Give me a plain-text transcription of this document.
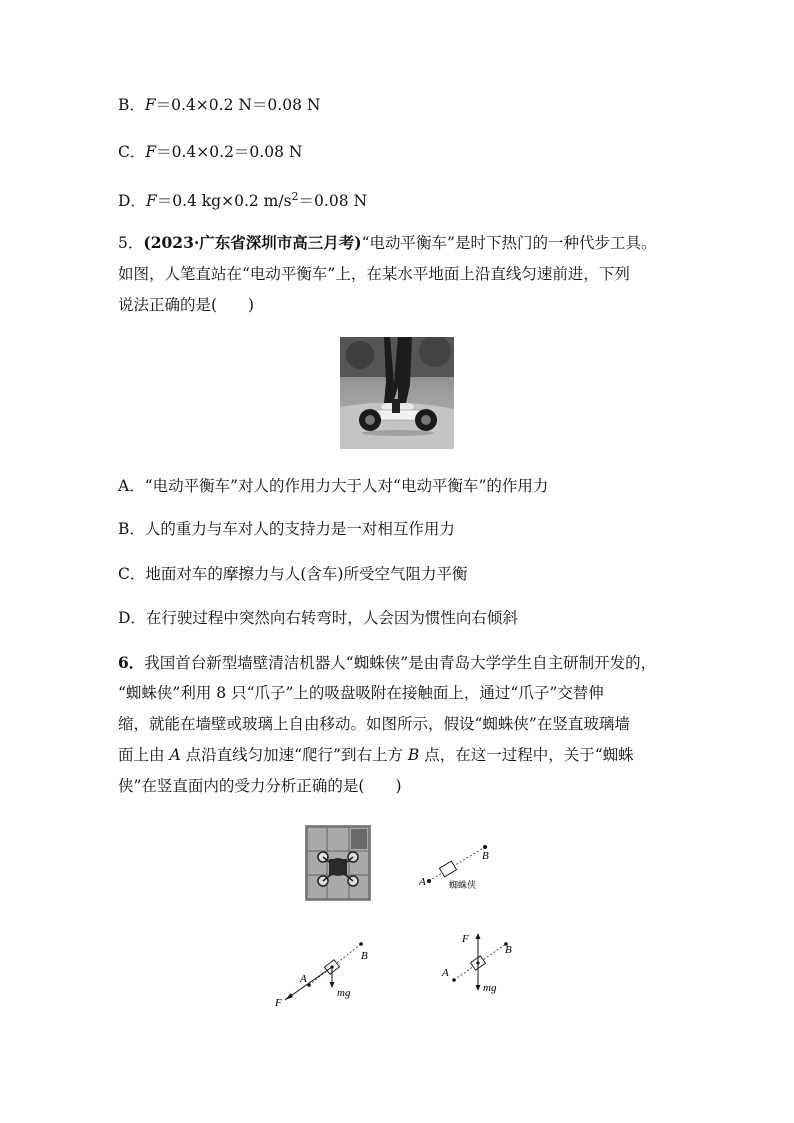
B．F＝0.4×0.2 N＝0.08 N
C．F＝0.4×0.2＝0.08 N
D．F＝0.4 kg×0.2 $m/s^2=0.08$ N
5．(2023·广东省深圳市高三月考)“电动平衡车”是时下热门的一种代步工具。
如图，人笔直站在“电动平衡车”上，在某水平地面上沿直线匀速前进，下列
说法正确的是(　　)
A．“电动平衡车”对人的作用力大于人对“电动平衡车”的作用力
B．人的重力与车对人的支持力是一对相互作用力
C．地面对车的摩擦力与人(含车)所受空气阻力平衡
D．在行驶过程中突然向右转弯时，人会因为惯性向右倾斜
6．我国首台新型墙壁清洁机器人“蜘蛛侠”是由青岛大学学生自主研制开发的，
“蜘蛛侠”利用 8 只“爪子”上的吸盘吸附在接触面上，通过“爪子”交替伸
缩，就能在墙壁或玻璃上自由移动。如图所示，假设“蜘蛛侠”在竖直玻璃墙
面上由 A 点沿直线匀加速“爬行”到右上方 B 点，在这一过程中，关于“蜘蛛
侠”在竖直面内的受力分析正确的是(　　)
A
B
蜘蛛侠
A
B
F
mg
A
B
F
mg
